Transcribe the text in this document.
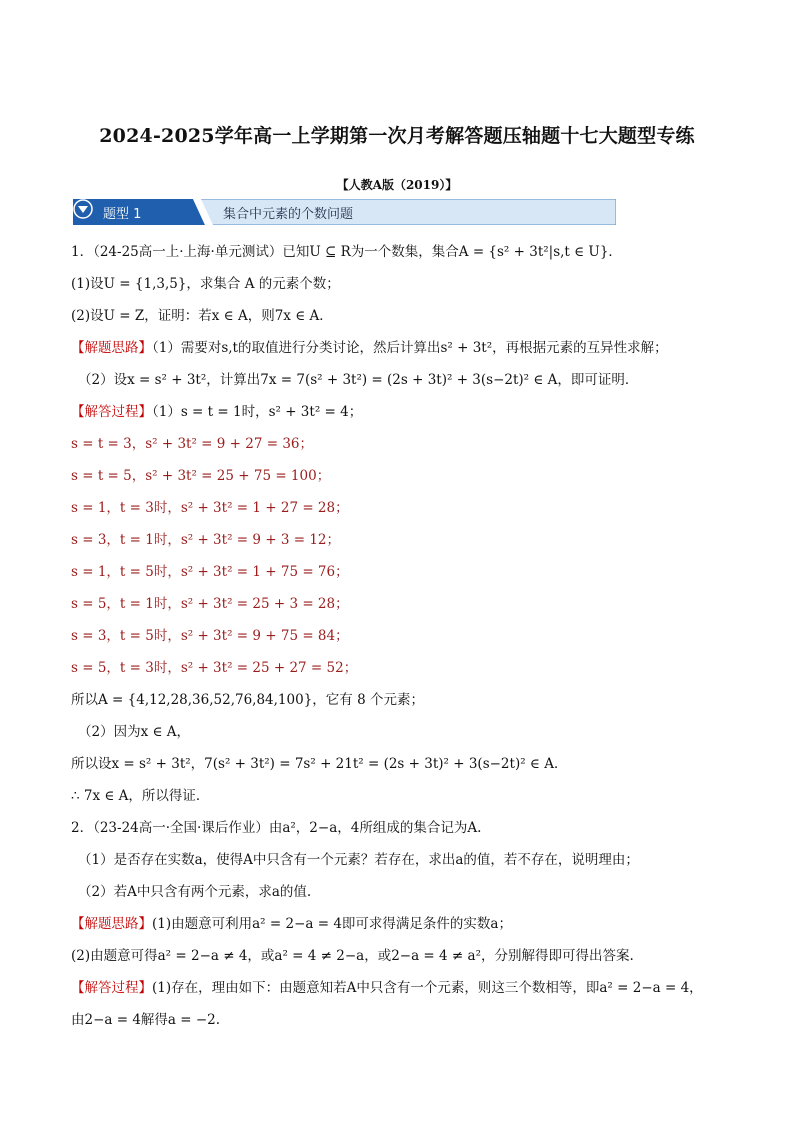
2024-2025学年高一上学期第一次月考解答题压轴题十七大题型专练
【人教A版（2019）】
题型 1	集合中元素的个数问题
1．（24-25高一上·上海·单元测试）已知U ⊆ R为一个数集，集合A = {s² + 3t²|s,t ∈ U}．
(1)设U = {1,3,5}，求集合 A 的元素个数；
(2)设U = Z，证明：若x ∈ A，则7x ∈ A．
【解题思路】（1）需要对s,t的取值进行分类讨论，然后计算出s² + 3t²，再根据元素的互异性求解；
（2）设x = s² + 3t²，计算出7x = 7(s² + 3t²) = (2s + 3t)² + 3(s−2t)² ∈ A，即可证明．
【解答过程】（1）s = t = 1时，s² + 3t² = 4；
s = t = 3，s² + 3t² = 9 + 27 = 36；
s = t = 5，s² + 3t² = 25 + 75 = 100；
s = 1，t = 3时，s² + 3t² = 1 + 27 = 28；
s = 3，t = 1时，s² + 3t² = 9 + 3 = 12；
s = 1，t = 5时，s² + 3t² = 1 + 75 = 76；
s = 5，t = 1时，s² + 3t² = 25 + 3 = 28；
s = 3，t = 5时，s² + 3t² = 9 + 75 = 84；
s = 5，t = 3时，s² + 3t² = 25 + 27 = 52；
所以A = {4,12,28,36,52,76,84,100}，它有 8 个元素；
（2）因为x ∈ A，
所以设x = s² + 3t²，7(s² + 3t²) = 7s² + 21t² = (2s + 3t)² + 3(s−2t)² ∈ A．
∴ 7x ∈ A，所以得证．
2．（23-24高一·全国·课后作业）由a²，2−a，4所组成的集合记为A.
（1）是否存在实数a，使得A中只含有一个元素？若存在，求出a的值，若不存在，说明理由；
（2）若A中只含有两个元素，求a的值.
【解题思路】(1)由题意可利用a² = 2−a = 4即可求得满足条件的实数a；
(2)由题意可得a² = 2−a ≠ 4，或a² = 4 ≠ 2−a，或2−a = 4 ≠ a²，分别解得即可得出答案.
【解答过程】(1)存在，理由如下：由题意知若A中只含有一个元素，则这三个数相等，即a² = 2−a = 4，
由2−a = 4解得a = −2.
